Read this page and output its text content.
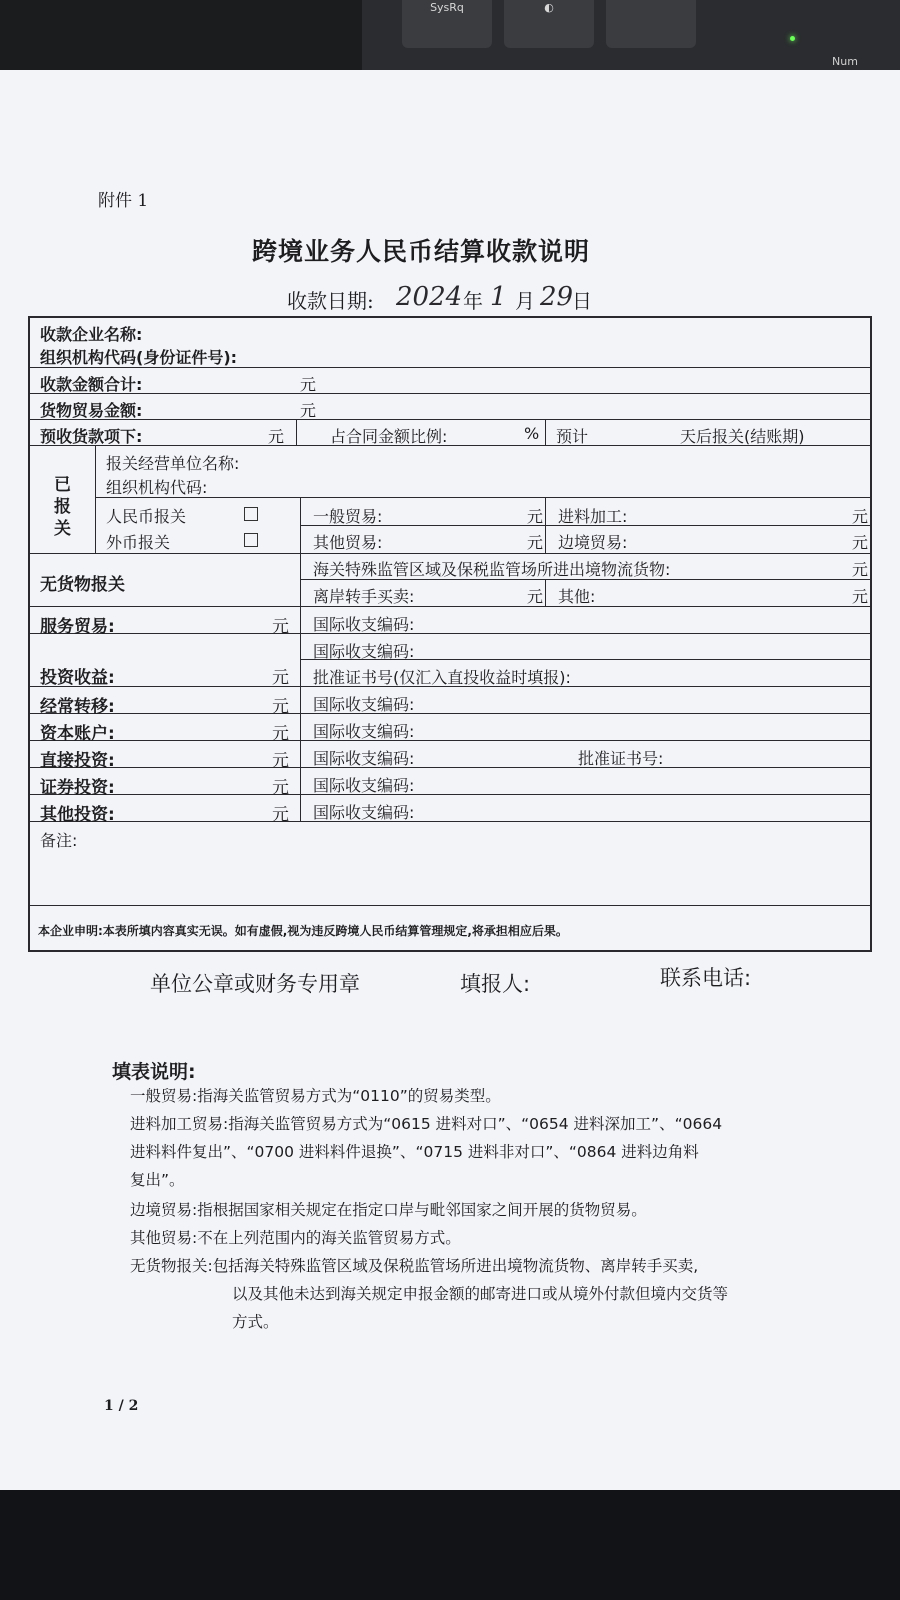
SysRq	◐
Num
附件 1
跨境业务人民币结算收款说明
收款日期: 2024 年 1 月 29
日
收款企业名称:
组织机构代码(身份证件号):
收款金额合计:	元
货物贸易金额:	元
预收货款项下:	元	占合同金额比例:	% 预计	天后报关(结账期)
已
报
关
报关经营单位名称:
组织机构代码:
人民币报关
外币报关
一般贸易:	元 进料加工:	元
其他贸易:	元 边境贸易:	元
无货物报关
海关特殊监管区域及保税监管场所进出境物流货物:	元
离岸转手买卖:	元 其他:	元
服务贸易:	元 国际收支编码:
投资收益:	元
国际收支编码:
批准证书号(仅汇入直投收益时填报):
经常转移:	元 国际收支编码:
资本账户:	元 国际收支编码:
直接投资:	元 国际收支编码:	批准证书号:
证券投资:	元 国际收支编码:
其他投资:	元 国际收支编码:
备注:
本企业申明:本表所填内容真实无误。如有虚假,视为违反跨境人民币结算管理规定,将承担相应后果。
单位公章或财务专用章	填报人:	联系电话:
填表说明:
一般贸易:指海关监管贸易方式为“0110”的贸易类型。
进料加工贸易:指海关监管贸易方式为“0615 进料对口”、“0654 进料深加工”、“0664
进料料件复出”、“0700 进料料件退换”、“0715 进料非对口”、“0864 进料边角料
复出”。
边境贸易:指根据国家相关规定在指定口岸与毗邻国家之间开展的货物贸易。
其他贸易:不在上列范围内的海关监管贸易方式。
无货物报关:包括海关特殊监管区域及保税监管场所进出境物流货物、离岸转手买卖,
以及其他未达到海关规定申报金额的邮寄进口或从境外付款但境内交货等
方式。
1 / 2
